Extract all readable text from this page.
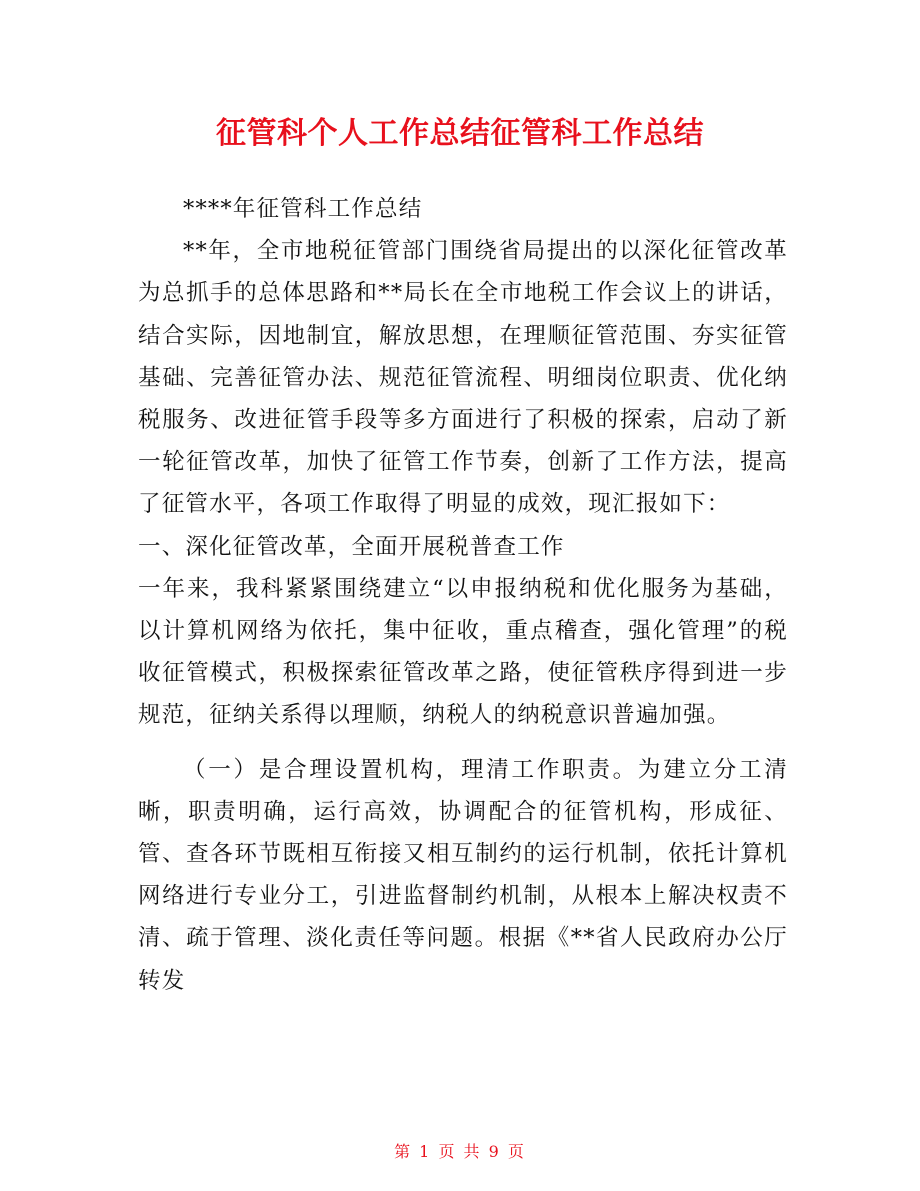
征管科个人工作总结征管科工作总结

****年征管科工作总结

**年，全市地税征管部门围绕省局提出的以深化征管改革为总抓手的总体思路和**局长在全市地税工作会议上的讲话，结合实际，因地制宜，解放思想，在理顺征管范围、夯实征管基础、完善征管办法、规范征管流程、明细岗位职责、优化纳税服务、改进征管手段等多方面进行了积极的探索，启动了新一轮征管改革，加快了征管工作节奏，创新了工作方法，提高了征管水平，各项工作取得了明显的成效，现汇报如下：

一、深化征管改革，全面开展税普查工作

一年来，我科紧紧围绕建立“以申报纳税和优化服务为基础，以计算机网络为依托，集中征收，重点稽查，强化管理”的税收征管模式，积极探索征管改革之路，使征管秩序得到进一步规范，征纳关系得以理顺，纳税人的纳税意识普遍加强。

（一）是合理设置机构，理清工作职责。为建立分工清晰，职责明确，运行高效，协调配合的征管机构，形成征、管、查各环节既相互衔接又相互制约的运行机制，依托计算机网络进行专业分工，引进监督制约机制，从根本上解决权责不清、疏于管理、淡化责任等问题。根据《**省人民政府办公厅转发

第 1 页 共 9 页
